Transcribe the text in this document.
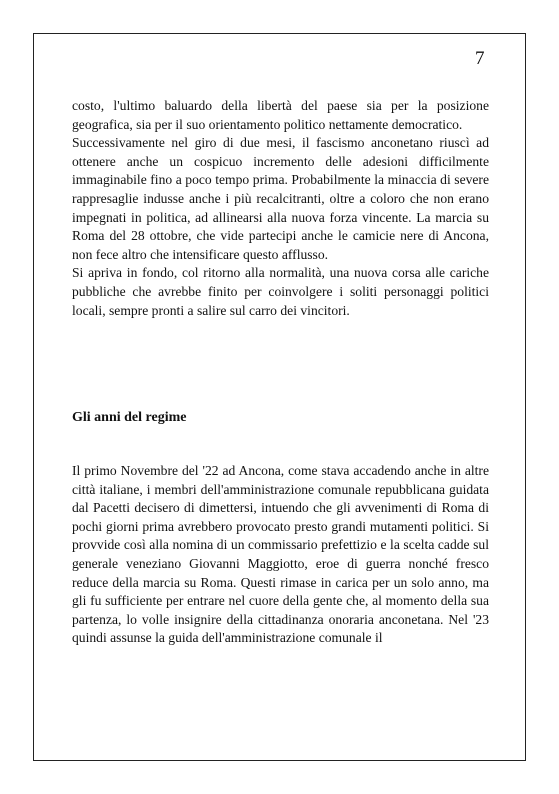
7

costo, l'ultimo baluardo della libertà del paese sia per la posizione geografica, sia per il suo orientamento politico nettamente democratico.

Successivamente nel giro di due mesi, il fascismo anconetano riuscì ad ottenere anche un cospicuo incremento delle adesioni difficilmente immaginabile fino a poco tempo prima. Probabilmente la minaccia di severe rappresaglie indusse anche i più recalcitranti, oltre a coloro che non erano impegnati in politica, ad allinearsi alla nuova forza vincente. La marcia su Roma del 28 ottobre, che vide partecipi anche le camicie nere di Ancona, non fece altro che intensificare questo afflusso.

Si apriva in fondo, col ritorno alla normalità, una nuova corsa alle cariche pubbliche che avrebbe finito per coinvolgere i soliti personaggi politici locali, sempre pronti a salire sul carro dei vincitori.

Gli anni del regime

Il primo Novembre del '22 ad Ancona, come stava accadendo anche in altre città italiane, i membri dell'amministrazione comunale repubblicana guidata dal Pacetti decisero di dimettersi, intuendo che gli avvenimenti di Roma di pochi giorni prima avrebbero provocato presto grandi mutamenti politici. Si provvide così alla nomina di un commissario prefettizio e la scelta cadde sul generale veneziano Giovanni Maggiotto, eroe di guerra nonché fresco reduce della marcia su Roma. Questi rimase in carica per un solo anno, ma gli fu sufficiente per entrare nel cuore della gente che, al momento della sua partenza, lo volle insignire della cittadinanza onoraria anconetana. Nel '23 quindi assunse la guida dell'amministrazione comunale il
